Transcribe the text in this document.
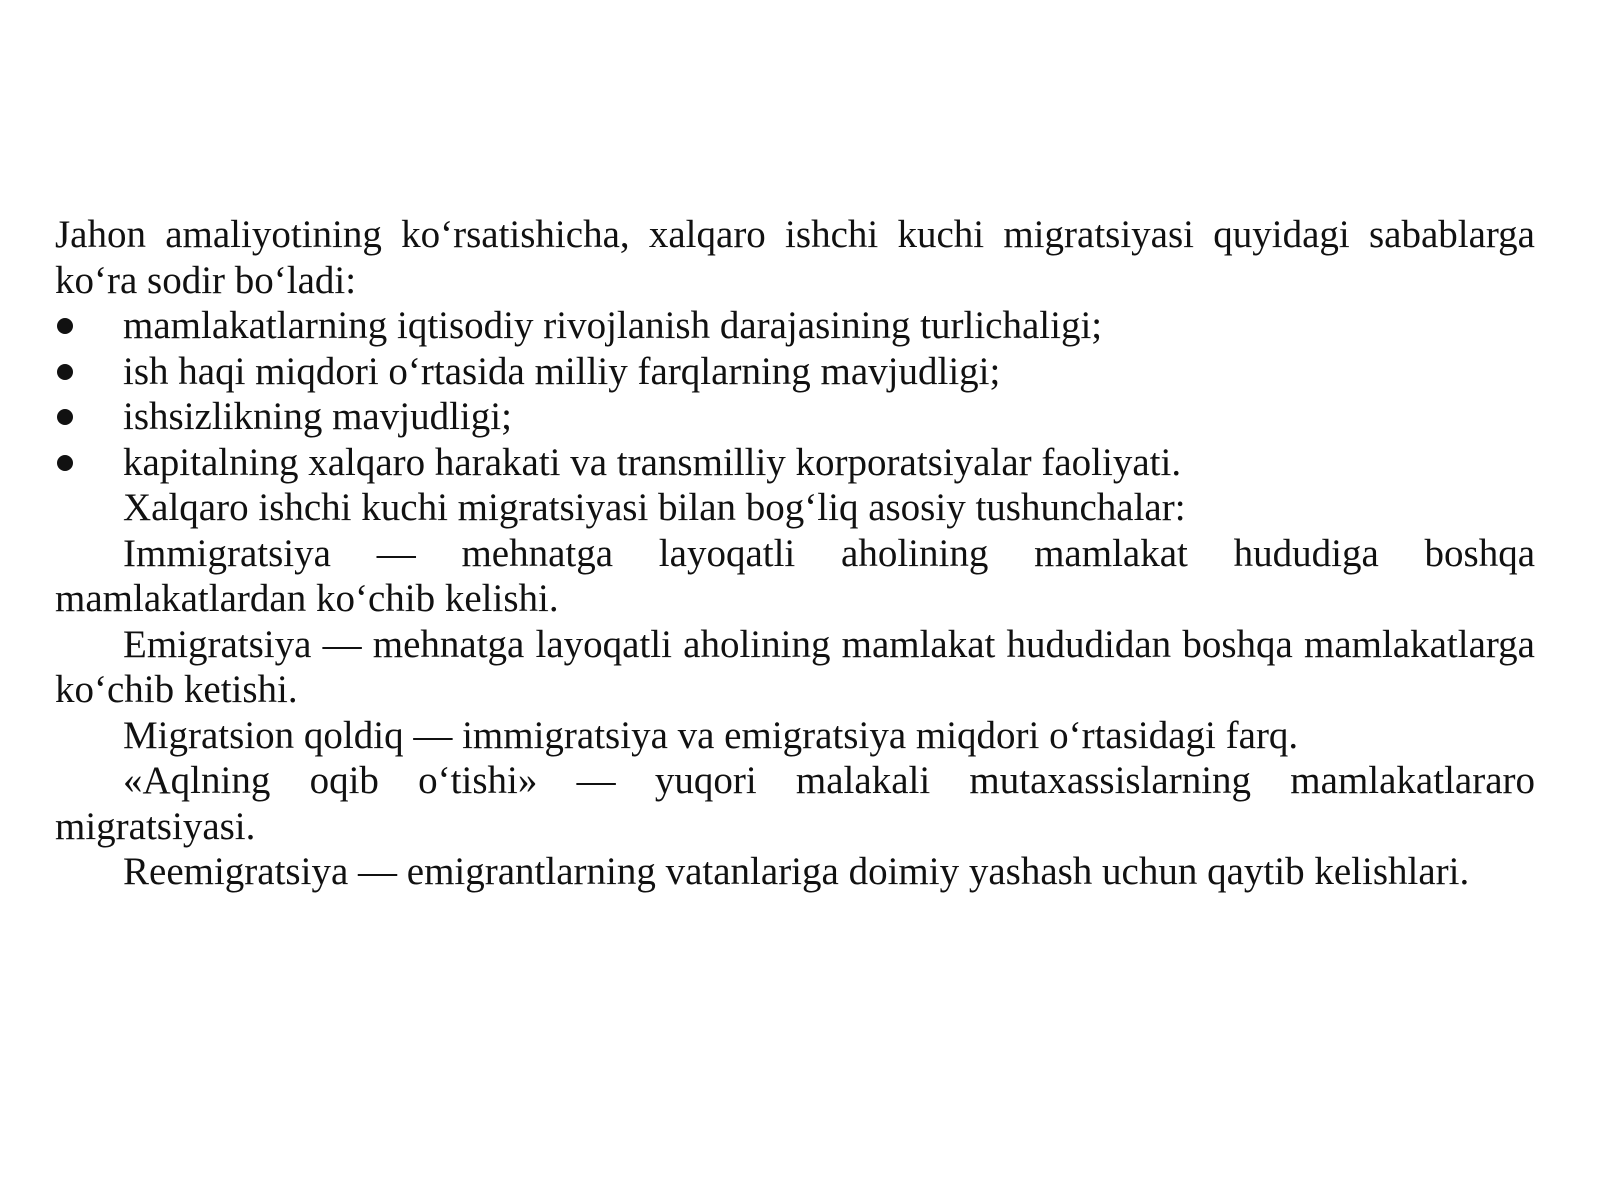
Jahon amaliyotining ko‘rsatishicha, xalqaro ishchi kuchi migratsiyasi quyidagi sabablarga ko‘ra sodir bo‘ladi:

mamlakatlarning iqtisodiy rivojlanish darajasining turlichaligi;
ish haqi miqdori o‘rtasida milliy farqlarning mavjudligi;
ishsizlikning mavjudligi;
kapitalning xalqaro harakati va transmilliy korporatsiyalar faoliyati.

Xalqaro ishchi kuchi migratsiyasi bilan bog‘liq asosiy tushunchalar:

Immigratsiya — mehnatga layoqatli aholining mamlakat hududiga boshqa mamlakatlardan ko‘chib kelishi.

Emigratsiya — mehnatga layoqatli aholining mamlakat hududidan boshqa mamlakatlarga ko‘chib ketishi.

Migratsion qoldiq — immigratsiya va emigratsiya miqdori o‘rtasidagi farq.

«Aqlning oqib o‘tishi» — yuqori malakali mutaxassislarning mamlakatlararo migratsiyasi.

Reemigratsiya — emigrantlarning vatanlariga doimiy yashash uchun qaytib kelishlari.
